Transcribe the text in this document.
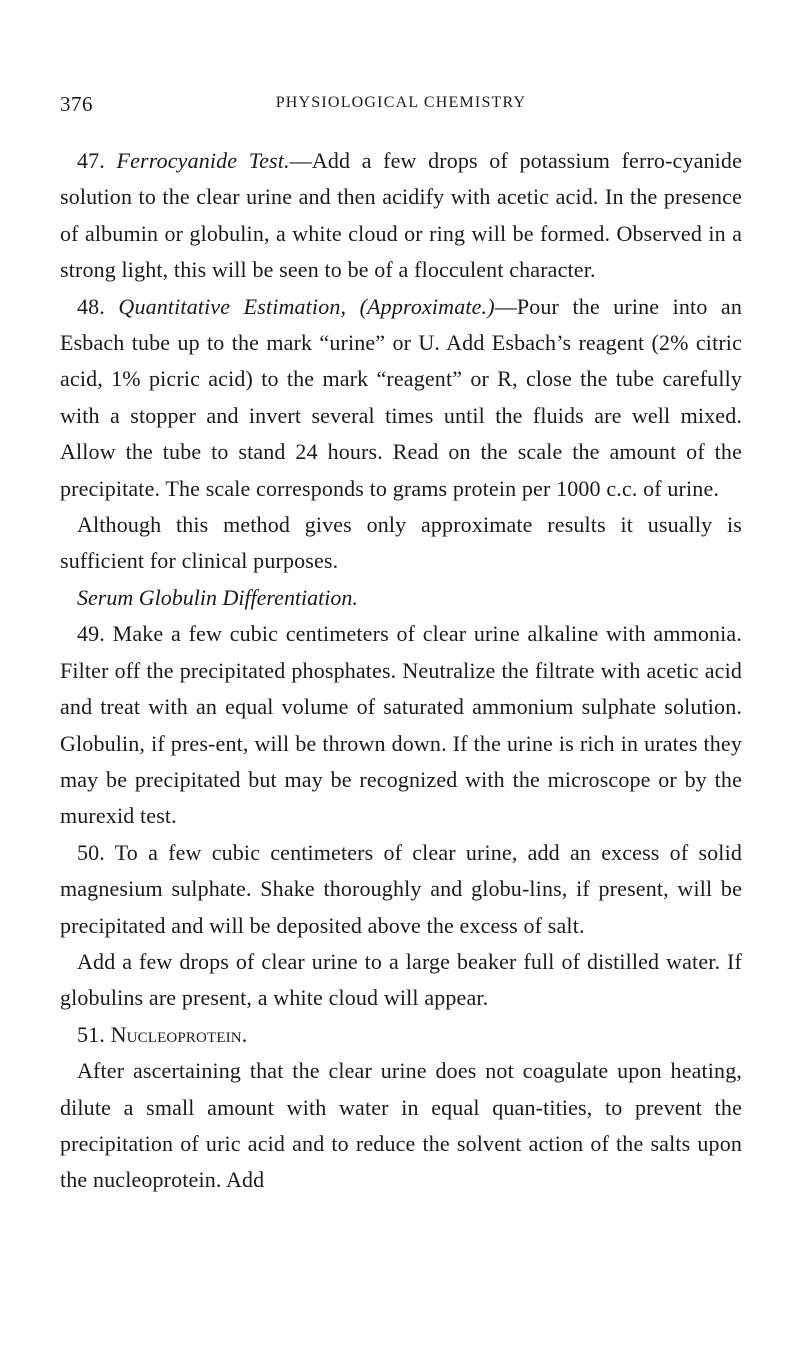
376	PHYSIOLOGICAL CHEMISTRY

47. Ferrocyanide Test.—Add a few drops of potassium ferro-cyanide solution to the clear urine and then acidify with acetic acid. In the presence of albumin or globulin, a white cloud or ring will be formed. Observed in a strong light, this will be seen to be of a flocculent character.

48. Quantitative Estimation, (Approximate.)—Pour the urine into an Esbach tube up to the mark “urine” or U. Add Esbach’s reagent (2% citric acid, 1% picric acid) to the mark “reagent” or R, close the tube carefully with a stopper and invert several times until the fluids are well mixed. Allow the tube to stand 24 hours. Read on the scale the amount of the precipitate. The scale corresponds to grams protein per 1000 c.c. of urine.

Although this method gives only approximate results it usually is sufficient for clinical purposes.

Serum Globulin Differentiation.

49. Make a few cubic centimeters of clear urine alkaline with ammonia. Filter off the precipitated phosphates. Neutralize the filtrate with acetic acid and treat with an equal volume of saturated ammonium sulphate solution. Globulin, if pres-ent, will be thrown down. If the urine is rich in urates they may be precipitated but may be recognized with the microscope or by the murexid test.

50. To a few cubic centimeters of clear urine, add an excess of solid magnesium sulphate. Shake thoroughly and globu-lins, if present, will be precipitated and will be deposited above the excess of salt.

Add a few drops of clear urine to a large beaker full of distilled water. If globulins are present, a white cloud will appear.

51. Nucleoprotein.

After ascertaining that the clear urine does not coagulate upon heating, dilute a small amount with water in equal quan-tities, to prevent the precipitation of uric acid and to reduce the solvent action of the salts upon the nucleoprotein. Add
